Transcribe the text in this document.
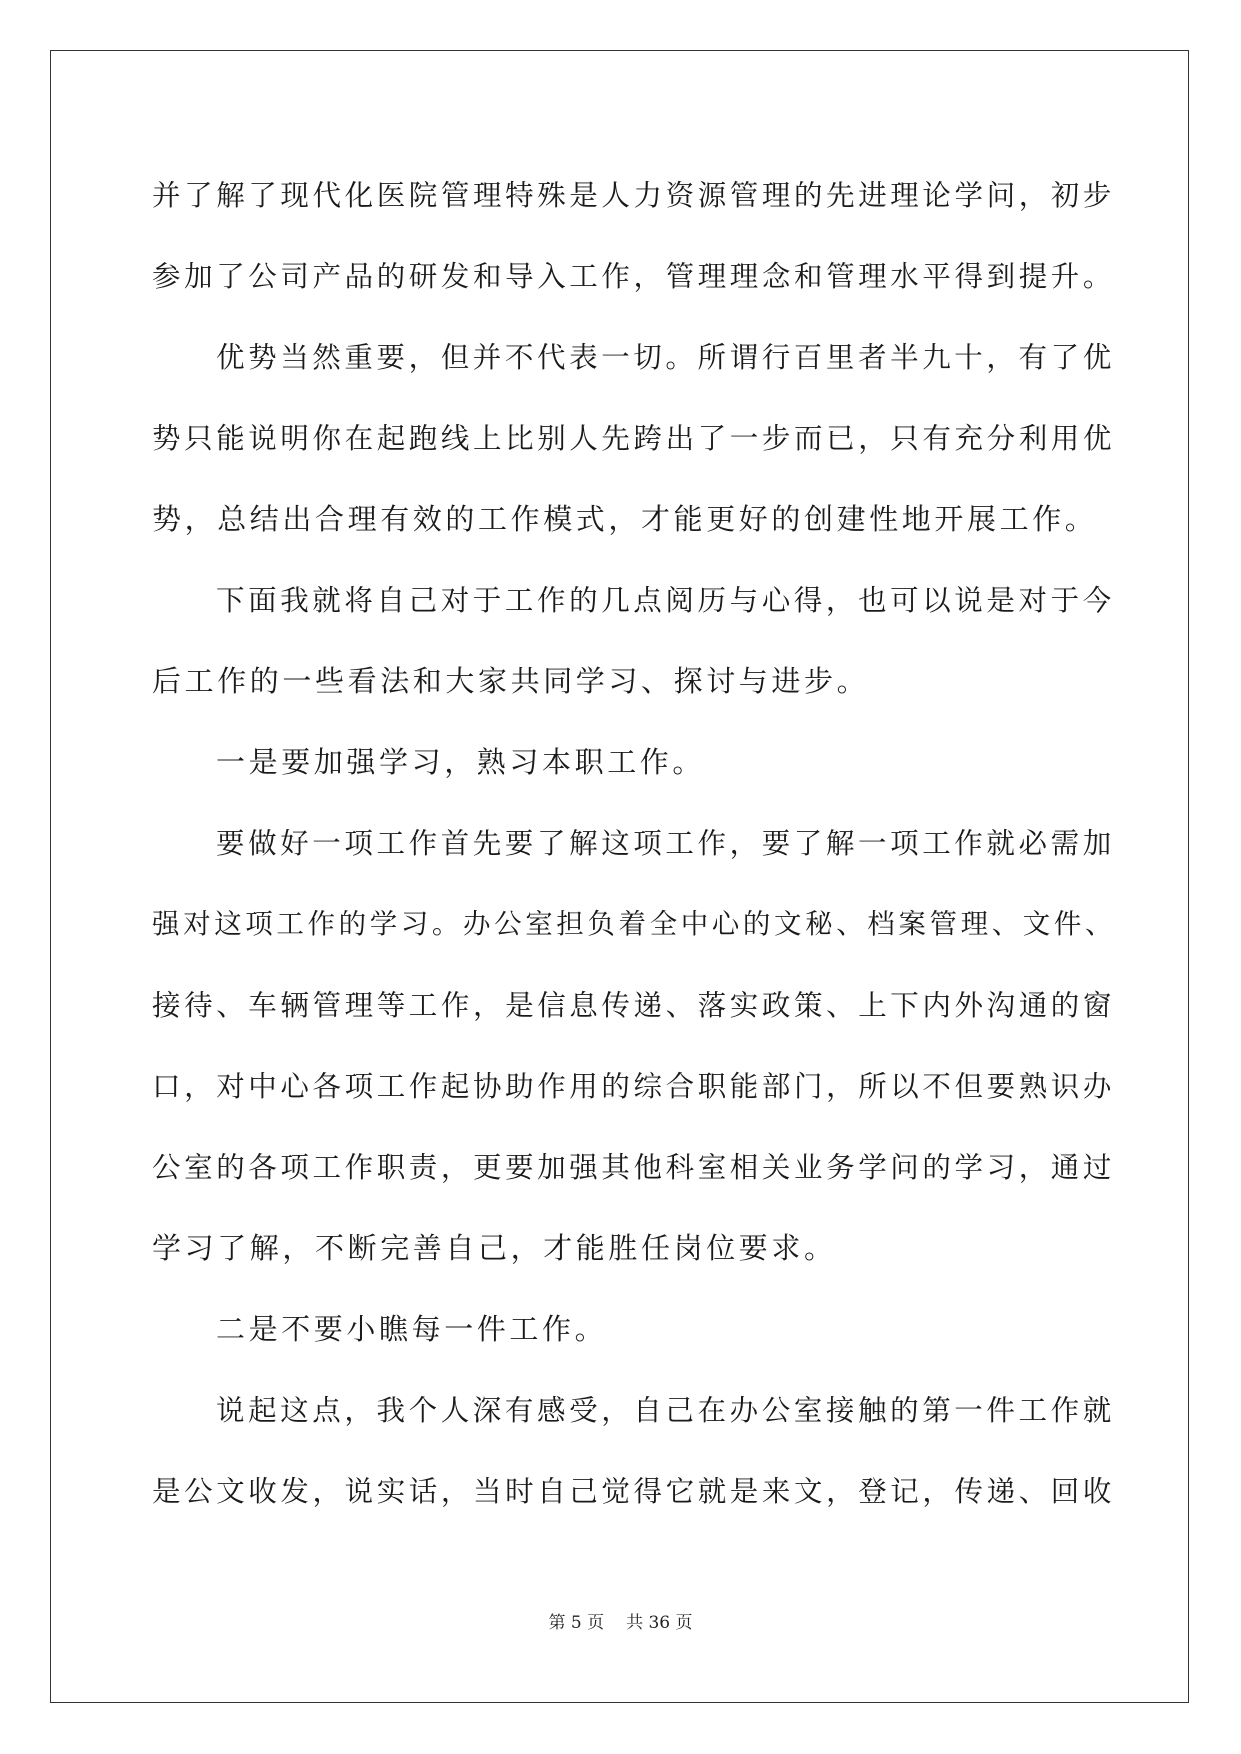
并了解了现代化医院管理特殊是人力资源管理的先进理论学问，初步
参加了公司产品的研发和导入工作，管理理念和管理水平得到提升。
优势当然重要，但并不代表一切。所谓行百里者半九十，有了优
势只能说明你在起跑线上比别人先跨出了一步而已，只有充分利用优
势，总结出合理有效的工作模式，才能更好的创建性地开展工作。
下面我就将自己对于工作的几点阅历与心得，也可以说是对于今
后工作的一些看法和大家共同学习、探讨与进步。
一是要加强学习，熟习本职工作。
要做好一项工作首先要了解这项工作，要了解一项工作就必需加
强对这项工作的学习。办公室担负着全中心的文秘、档案管理、文件、
接待、车辆管理等工作，是信息传递、落实政策、上下内外沟通的窗
口，对中心各项工作起协助作用的综合职能部门，所以不但要熟识办
公室的各项工作职责，更要加强其他科室相关业务学问的学习，通过
学习了解，不断完善自己，才能胜任岗位要求。
二是不要小瞧每一件工作。
说起这点，我个人深有感受，自己在办公室接触的第一件工作就
是公文收发，说实话，当时自己觉得它就是来文，登记，传递、回收
第 5 页 共 36 页
